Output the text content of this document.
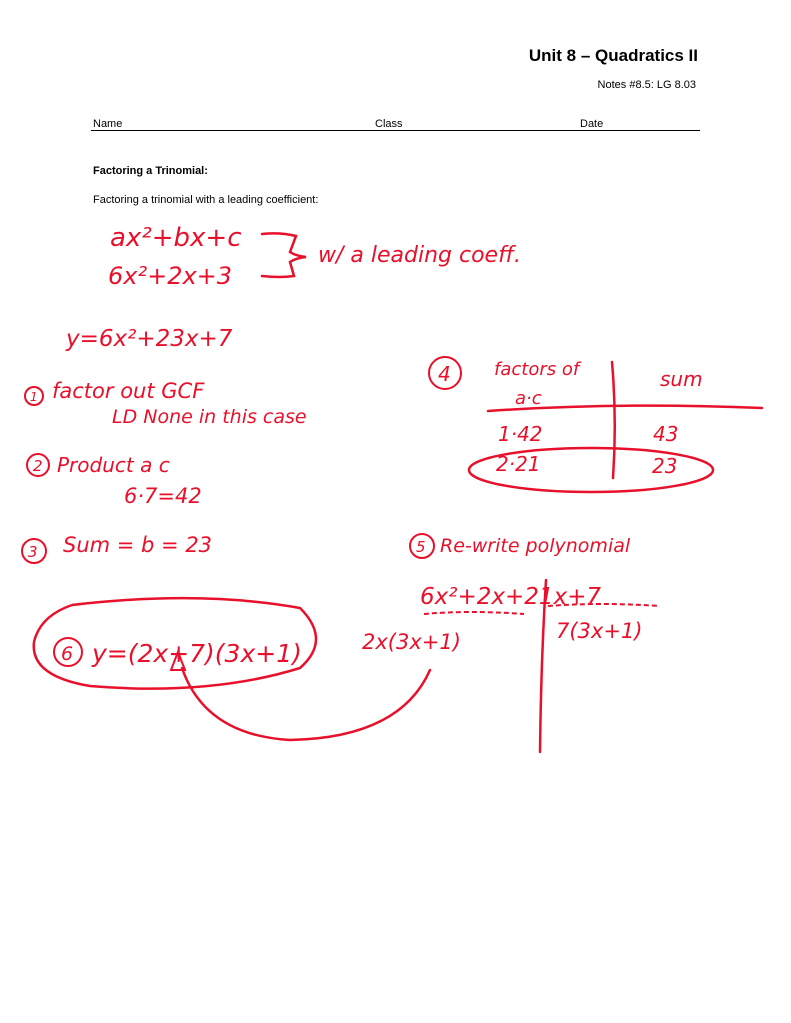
Unit 8 – Quadratics II
Notes #8.5: LG 8.03
Name	Class	Date
Factoring a Trinomial:
Factoring a trinomial with a leading coefficient:
ax²+bx+c
6x²+2x+3
w/ a leading coeff.
y=6x²+23x+7
1 factor out GCF
LD None in this case
2 Product a c
6·7=42
3 Sum = b = 23
4 factors of
a·c
sum
1·42	43
2·21	23
5 Re-write polynomial
6x²+2x+21x+7
2x(3x+1)	7(3x+1)
6 y=(2x+7)(3x+1)
